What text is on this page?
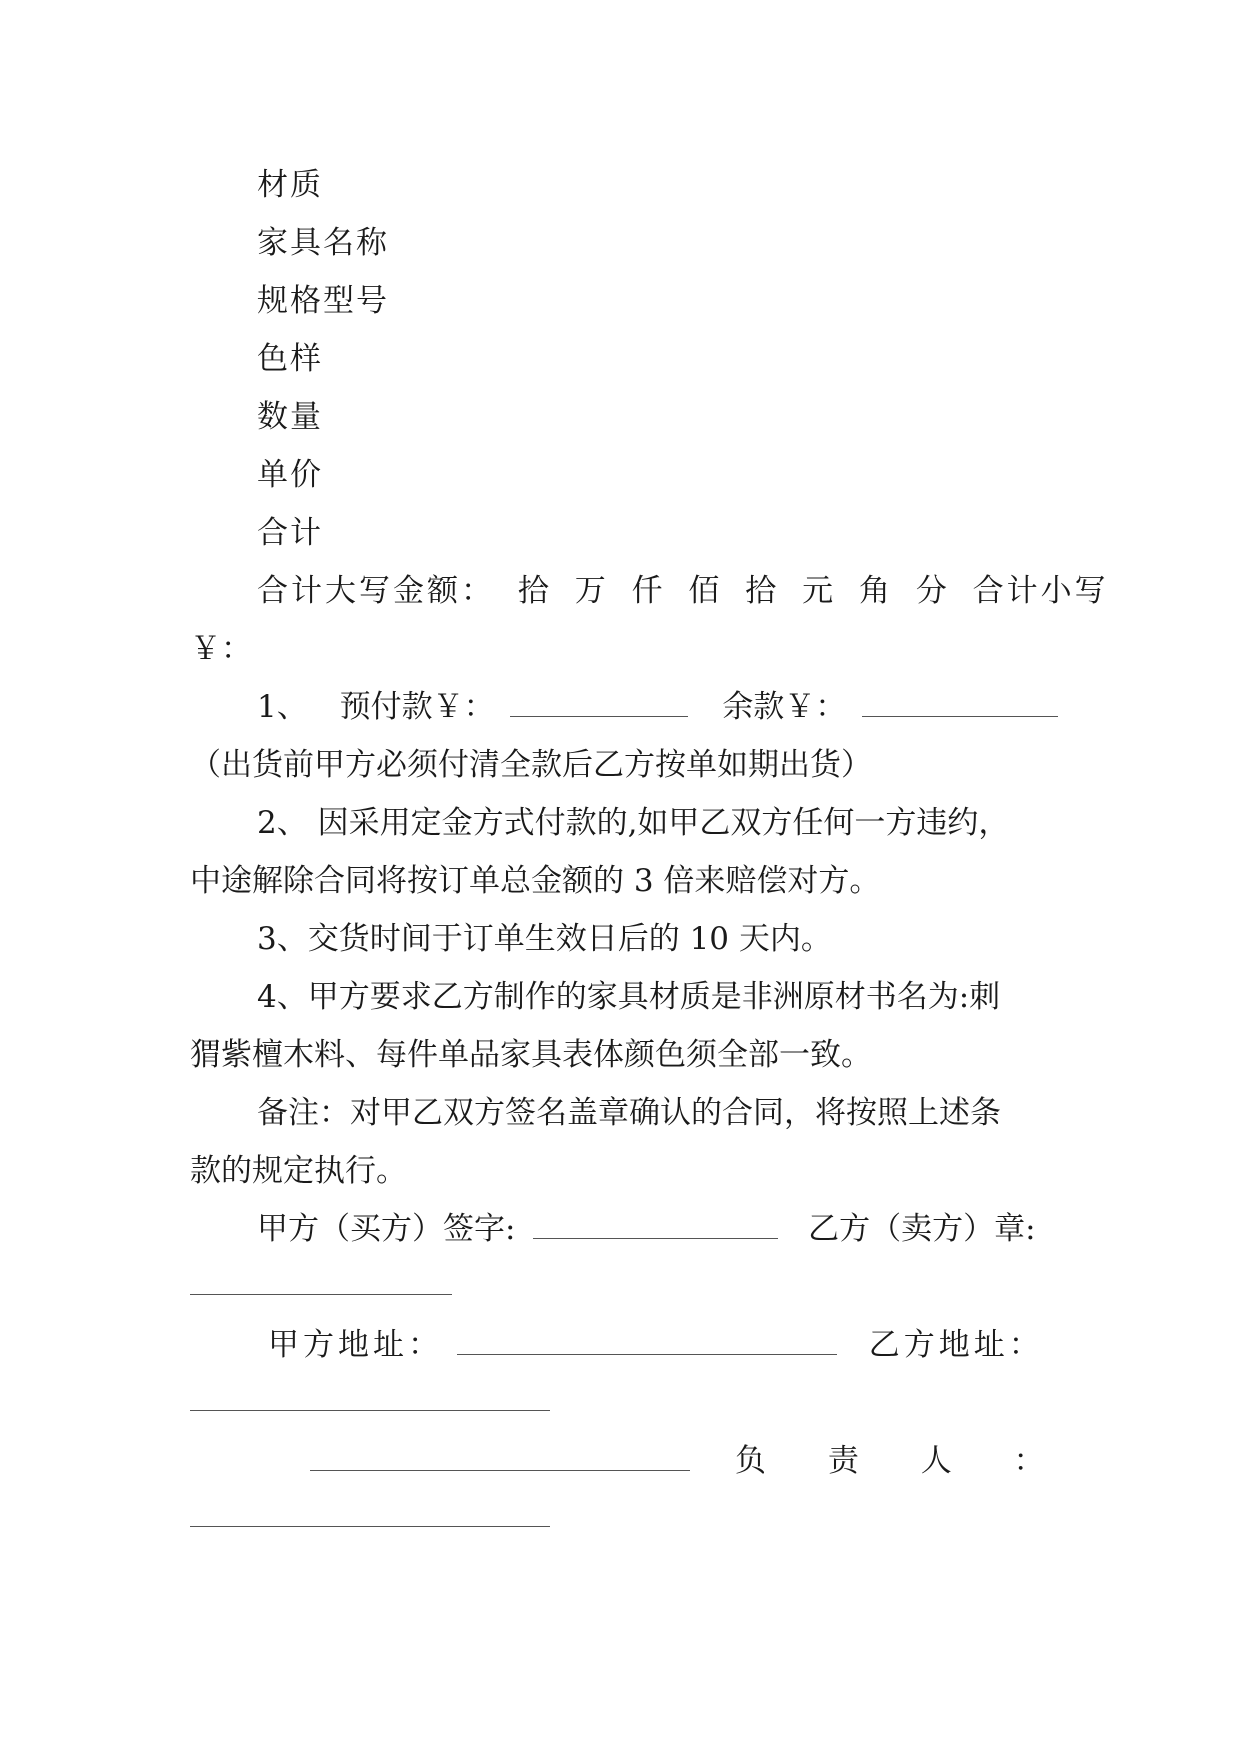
材质
家具名称
规格型号
色样
数量
单价
合计
合计大写金额： 拾 万 仟 佰 拾 元 角 分 合计小写
￥：
1、 预付款￥：	余款￥：
（出货前甲方必须付清全款后乙方按单如期出货）
2、 因采用定金方式付款的,如甲乙双方任何一方违约，
中途解除合同将按订单总金额的 3 倍来赔偿对方。
3、交货时间于订单生效日后的 10 天内。
4、甲方要求乙方制作的家具材质是非洲原材书名为:刺
猬紫檀木料、每件单品家具表体颜色须全部一致。
备注：对甲乙双方签名盖章确认的合同，将按照上述条
款的规定执行。
甲方（买方）签字:	乙方（卖方）章:
甲方地址：	乙方地址：
负 责 人 ：
